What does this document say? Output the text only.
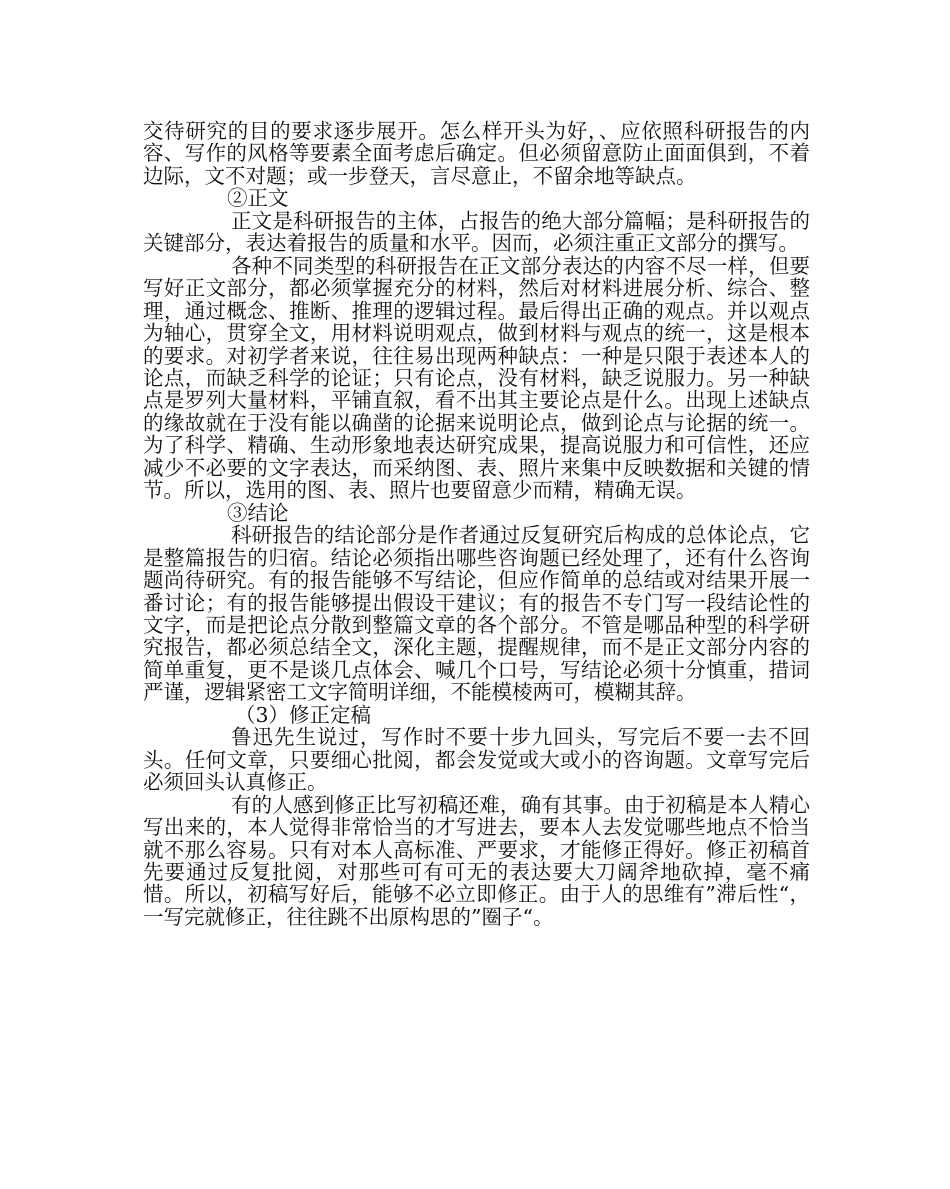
交待研究的目的要求逐步展开。怎么样开头为好，、应依照科研报告的内容、写作的风格等要素全面考虑后确定。但必须留意防止面面俱到，不着边际，文不对题；或一步登天，言尽意止，不留余地等缺点。

②正文

正文是科研报告的主体，占报告的绝大部分篇幅；是科研报告的关键部分，表达着报告的质量和水平。因而，必须注重正文部分的撰写。

各种不同类型的科研报告在正文部分表达的内容不尽一样，但要写好正文部分，都必须掌握充分的材料，然后对材料进展分析、综合、整理，通过概念、推断、推理的逻辑过程。最后得出正确的观点。并以观点为轴心，贯穿全文，用材料说明观点，做到材料与观点的统一，这是根本的要求。对初学者来说，往往易出现两种缺点：一种是只限于表述本人的论点，而缺乏科学的论证；只有论点，没有材料，缺乏说服力。另一种缺点是罗列大量材料，平铺直叙，看不出其主要论点是什么。出现上述缺点的缘故就在于没有能以确凿的论据来说明论点，做到论点与论据的统一。为了科学、精确、生动形象地表达研究成果，提高说服力和可信性，还应减少不必要的文字表达，而采纳图、表、照片来集中反映数据和关键的情节。所以，选用的图、表、照片也要留意少而精，精确无误。

③结论

科研报告的结论部分是作者通过反复研究后构成的总体论点，它是整篇报告的归宿。结论必须指出哪些咨询题已经处理了，还有什么咨询题尚待研究。有的报告能够不写结论，但应作简单的总结或对结果开展一番讨论；有的报告能够提出假设干建议；有的报告不专门写一段结论性的文字，而是把论点分散到整篇文章的各个部分。不管是哪品种型的科学研究报告，都必须总结全文，深化主题，提醒规律，而不是正文部分内容的简单重复，更不是谈几点体会、喊几个口号，写结论必须十分慎重，措词严谨，逻辑紧密工文字简明详细，不能模棱两可，模糊其辞。

（3）修正定稿

鲁迅先生说过，写作时不要十步九回头，写完后不要一去不回头。任何文章，只要细心批阅，都会发觉或大或小的咨询题。文章写完后必须回头认真修正。

有的人感到修正比写初稿还难，确有其事。由于初稿是本人精心写出来的，本人觉得非常恰当的才写进去，要本人去发觉哪些地点不恰当就不那么容易。只有对本人高标准、严要求，才能修正得好。修正初稿首先要通过反复批阅，对那些可有可无的表达要大刀阔斧地砍掉，毫不痛惜。所以，初稿写好后，能够不必立即修正。由于人的思维有”滞后性“，一写完就修正，往往跳不出原构思的”圈子“。
